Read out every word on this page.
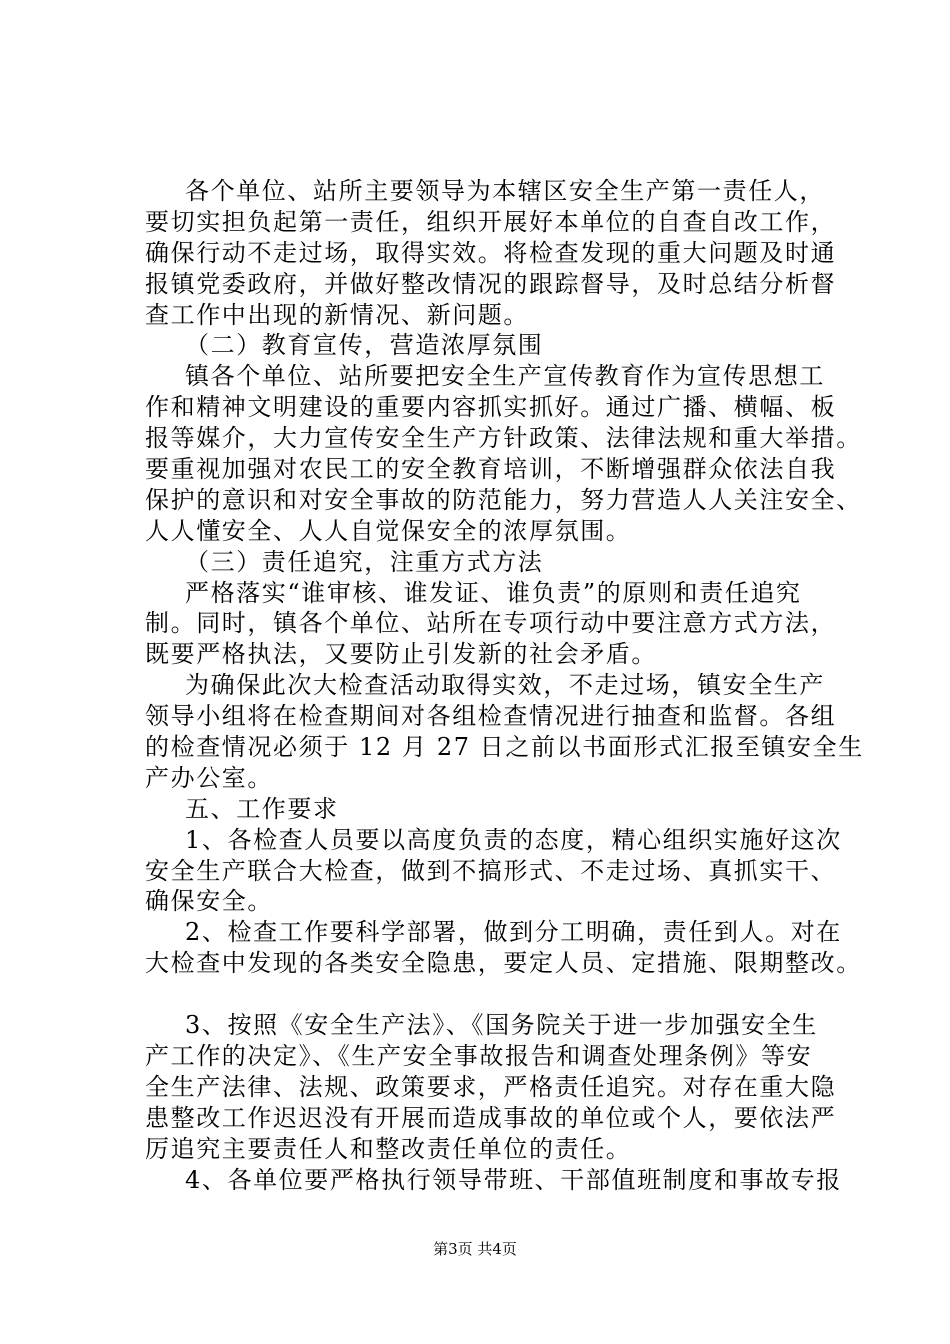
各个单位、站所主要领导为本辖区安全生产第一责任人，
要切实担负起第一责任，组织开展好本单位的自查自改工作，
确保行动不走过场，取得实效。将检查发现的重大问题及时通
报镇党委政府，并做好整改情况的跟踪督导，及时总结分析督
查工作中出现的新情况、新问题。
（二）教育宣传，营造浓厚氛围
镇各个单位、站所要把安全生产宣传教育作为宣传思想工
作和精神文明建设的重要内容抓实抓好。通过广播、横幅、板
报等媒介，大力宣传安全生产方针政策、法律法规和重大举措。
要重视加强对农民工的安全教育培训，不断增强群众依法自我
保护的意识和对安全事故的防范能力，努力营造人人关注安全、
人人懂安全、人人自觉保安全的浓厚氛围。
（三）责任追究，注重方式方法
严格落实“谁审核、谁发证、谁负责”的原则和责任追究
制。同时，镇各个单位、站所在专项行动中要注意方式方法，
既要严格执法，又要防止引发新的社会矛盾。
为确保此次大检查活动取得实效，不走过场，镇安全生产
领导小组将在检查期间对各组检查情况进行抽查和监督。各组
的检查情况必须于 12 月 27 日之前以书面形式汇报至镇安全生
产办公室。
五、工作要求
1、各检查人员要以高度负责的态度，精心组织实施好这次
安全生产联合大检查，做到不搞形式、不走过场、真抓实干、
确保安全。
2、检查工作要科学部署，做到分工明确，责任到人。对在
大检查中发现的各类安全隐患，要定人员、定措施、限期整改。
3、按照《安全生产法》、《国务院关于进一步加强安全生
产工作的决定》、《生产安全事故报告和调查处理条例》等安
全生产法律、法规、政策要求，严格责任追究。对存在重大隐
患整改工作迟迟没有开展而造成事故的单位或个人，要依法严
厉追究主要责任人和整改责任单位的责任。
4、各单位要严格执行领导带班、干部值班制度和事故专报
第3页 共4页
